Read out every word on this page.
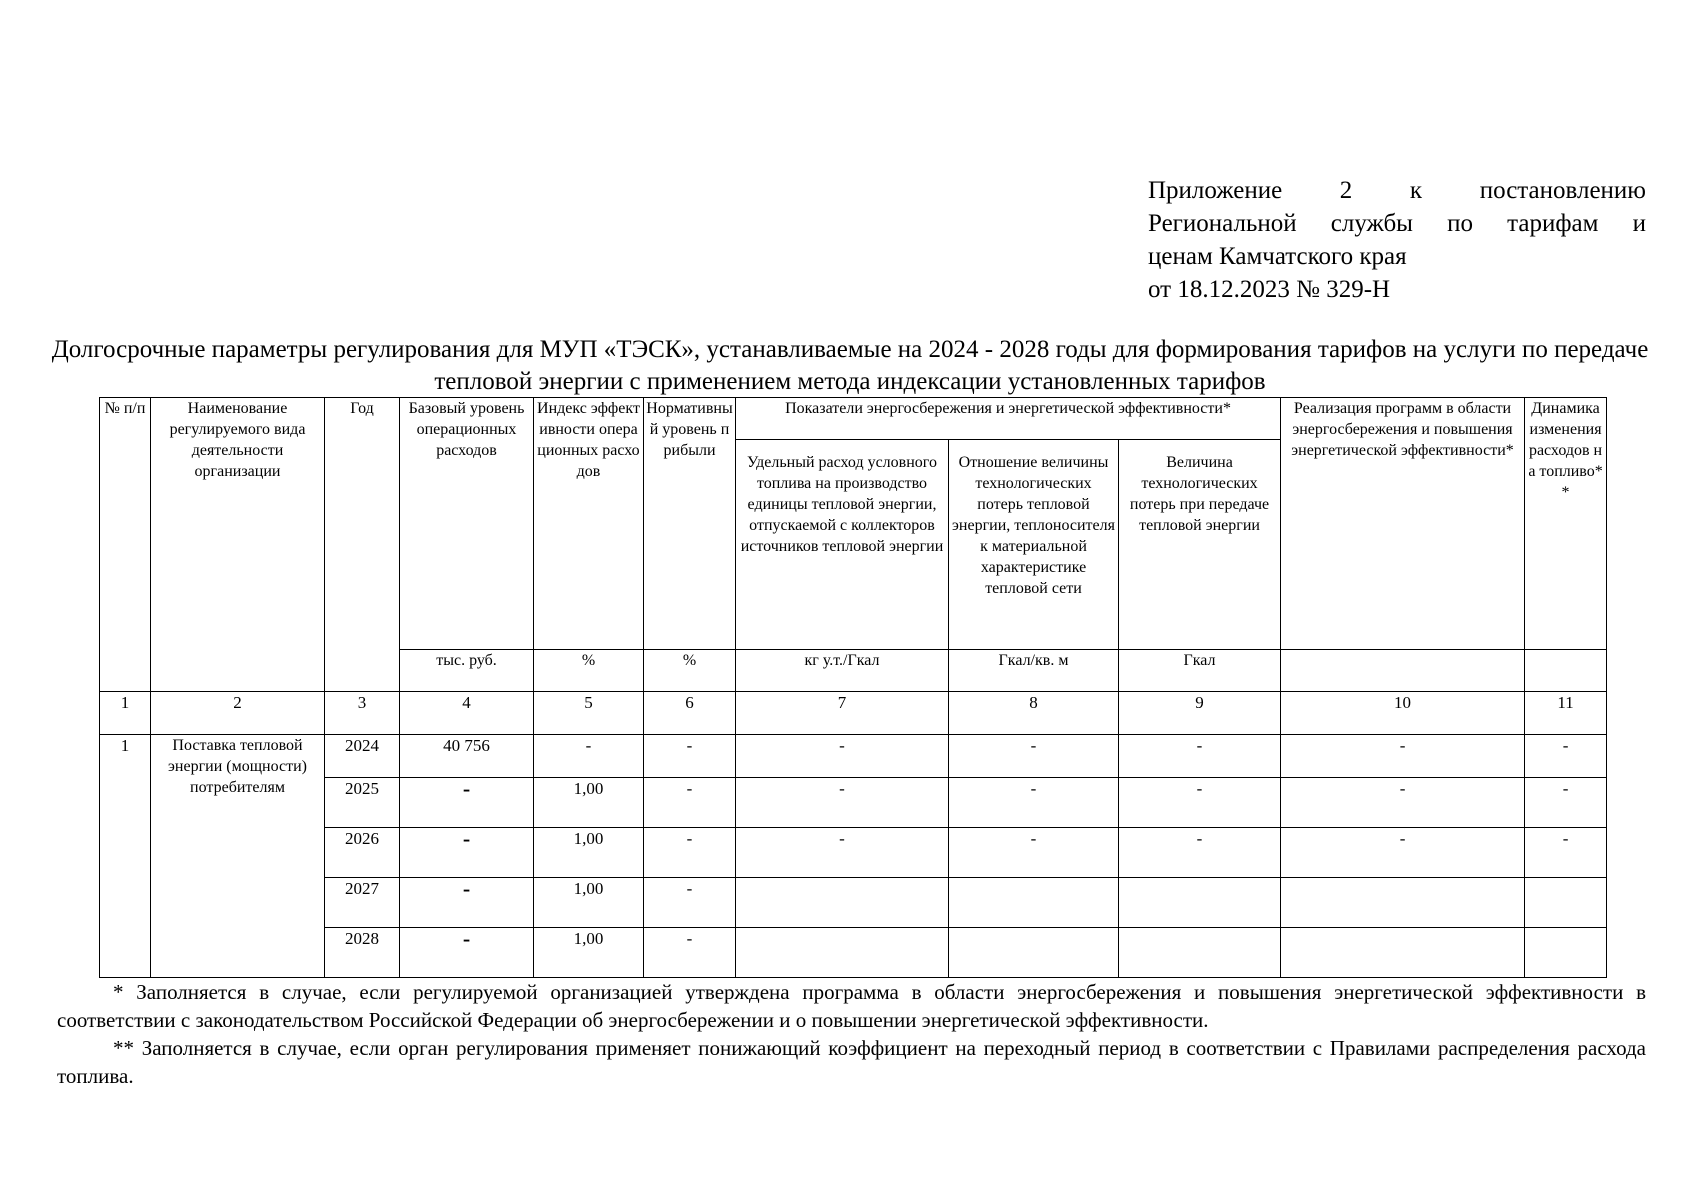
Приложение 2 к постановлению
Региональной службы по тарифам и
ценам Камчатского края
от 18.12.2023 № 329-Н
Долгосрочные параметры регулирования для МУП «ТЭСК», устанавливаемые на 2024 - 2028 годы для формирования тарифов на услуги по передаче тепловой энергии с применением метода индексации установленных тарифов
№ п/п	Наименование регулируемого вида деятельности организации	Год	Базовый уровень операционных расходов	Индекс эффективности операционных расходов	Нормативный уровень прибыли	Показатели энергосбережения и энергетической эффективности*			Реализация программ в области энергосбережения и повышения энергетической эффективности*	Динамика изменения расходов на топливо**
						Удельный расход условного топлива на производство единицы тепловой энергии, отпускаемой с коллекторов источников тепловой энергии	Отношение величины технологических потерь тепловой энергии, теплоносителя к материальной характеристике тепловой сети	Величина технологических потерь при передаче тепловой энергии		
			тыс. руб.	%	%	кг у.т./Гкал	Гкал/кв. м	Гкал		
1	2	3	4	5	6	7	8	9	10	11
1	Поставка тепловой энергии (мощности) потребителям	2024	40 756	-	-	-	-	-	-	-
		2025	-	1,00	-	-	-	-	-	-
		2026	-	1,00	-	-	-	-	-	-
		2027	-	1,00	-					
		2028	-	1,00	-					

* Заполняется в случае, если регулируемой организацией утверждена программа в области энергосбережения и повышения энергетической эффективности в соответствии с законодательством Российской Федерации об энергосбережении и о повышении энергетической эффективности.

** Заполняется в случае, если орган регулирования применяет понижающий коэффициент на переходный период в соответствии с Правилами распределения расхода топлива.
